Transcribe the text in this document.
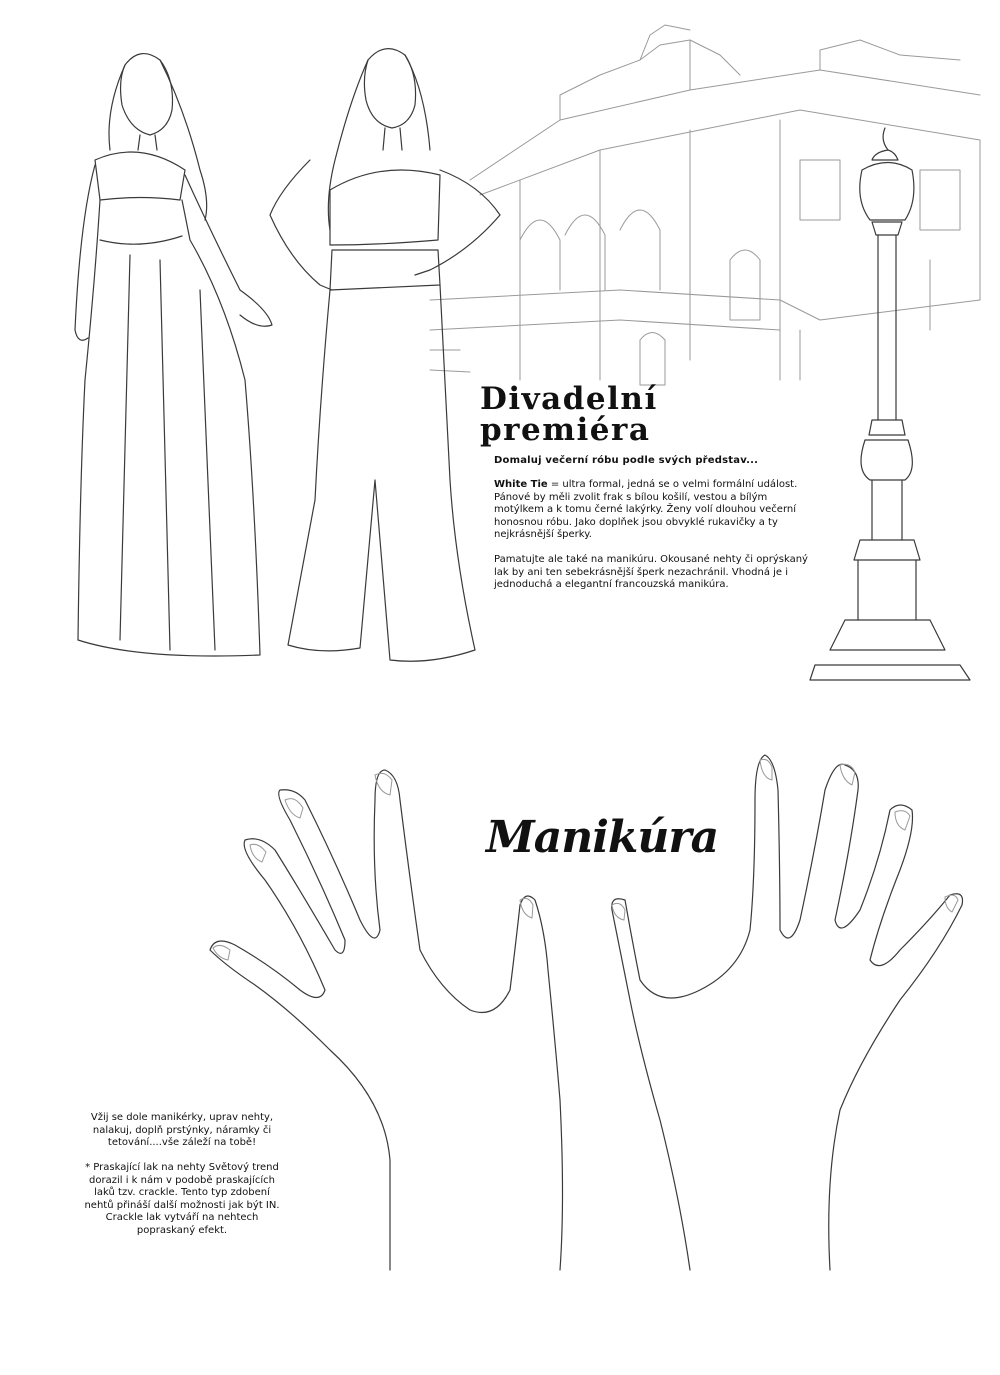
Divadelní
premiéra
Domaluj večerní róbu podle svých představ...

White Tie = ultra formal, jedná se o velmi formální událost. Pánové by měli zvolit frak s bílou košilí, vestou a bílým motýlkem a k tomu černé lakýrky. Ženy volí dlouhou večerní honosnou róbu. Jako doplňek jsou obvyklé rukavičky a ty nejkrásnější šperky.

Pamatujte ale také na manikúru. Okousané nehty či oprýskaný lak by ani ten sebekrásnější šperk nezachránil. Vhodná je i jednoduchá a elegantní francouzská manikúra.

Manikúra

Vžij se dole manikérky, uprav nehty, nalakuj, doplň prstýnky, náramky či tetování....vše záleží na tobě!

* Praskající lak na nehty Světový trend dorazil i k nám v podobě praskajících laků tzv. crackle. Tento typ zdobení nehtů přináší další možnosti jak být IN. Crackle lak vytváří na nehtech popraskaný efekt.
